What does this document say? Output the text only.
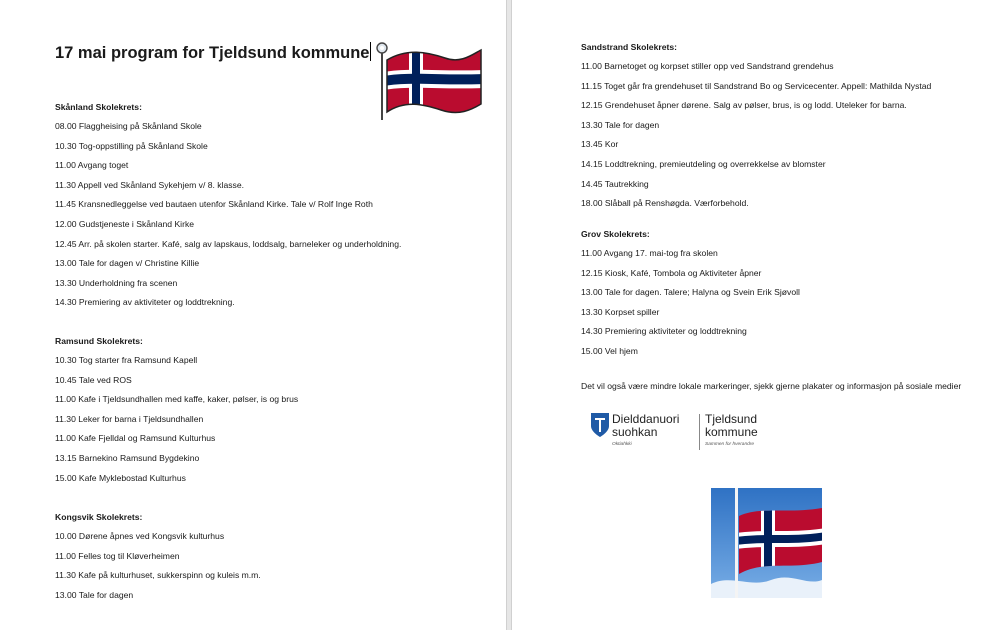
17 mai program for Tjeldsund kommune
Skånland Skolekrets:
08.00 Flaggheising på Skånland Skole
10.30 Tog-oppstilling på Skånland Skole
11.00 Avgang toget
11.30 Appell ved Skånland Sykehjem v/ 8. klasse.
11.45 Kransnedleggelse ved bautaen utenfor Skånland Kirke. Tale v/ Rolf Inge Roth
12.00 Gudstjeneste i Skånland Kirke
12.45 Arr. på skolen starter. Kafé, salg av lapskaus, loddsalg, barneleker og underholdning.
13.00 Tale for dagen v/ Christine Killie
13.30 Underholdning fra scenen
14.30 Premiering av aktiviteter og loddtrekning.
Ramsund Skolekrets:
10.30 Tog starter fra Ramsund Kapell
10.45 Tale ved ROS
11.00 Kafe i Tjeldsundhallen med kaffe, kaker, pølser, is og brus
11.30 Leker for barna i Tjeldsundhallen
11.00 Kafe Fjelldal og Ramsund Kulturhus
13.15 Barnekino Ramsund Bygdekino
15.00 Kafe Myklebostad Kulturhus
Kongsvik Skolekrets:
10.00 Dørene åpnes ved Kongsvik kulturhus
11.00 Felles tog til Kløverheimen
11.30 Kafe på kulturhuset, sukkerspinn og kuleis m.m.
13.00 Tale for dagen
Sandstrand Skolekrets:
11.00 Barnetoget og korpset stiller opp ved Sandstrand grendehus
11.15 Toget går fra grendehuset til Sandstrand Bo og Servicecenter. Appell: Mathilda Nystad
12.15 Grendehuset åpner dørene. Salg av pølser, brus, is og lodd. Uteleker for barna.
13.30 Tale for dagen
13.45 Kor
14.15 Loddtrekning, premieutdeling og overrekkelse av blomster
14.45 Tautrekking
18.00 Slåball på Renshøgda. Værforbehold.
Grov Skolekrets:
11.00 Avgang 17. mai-tog fra skolen
12.15 Kiosk, Kafé, Tombola og Aktiviteter åpner
13.00 Tale for dagen. Talere; Halyna og Svein Erik Sjøvoll
13.30 Korpset spiller
14.30 Premiering aktiviteter og loddtrekning
15.00 Vel hjem
Det vil også være mindre lokale markeringer, sjekk gjerne plakater og informasjon på sosiale medier
Dielddanuori
suohkan
Oktiahkki
Tjeldsund
kommune
Sammen for hverandre
